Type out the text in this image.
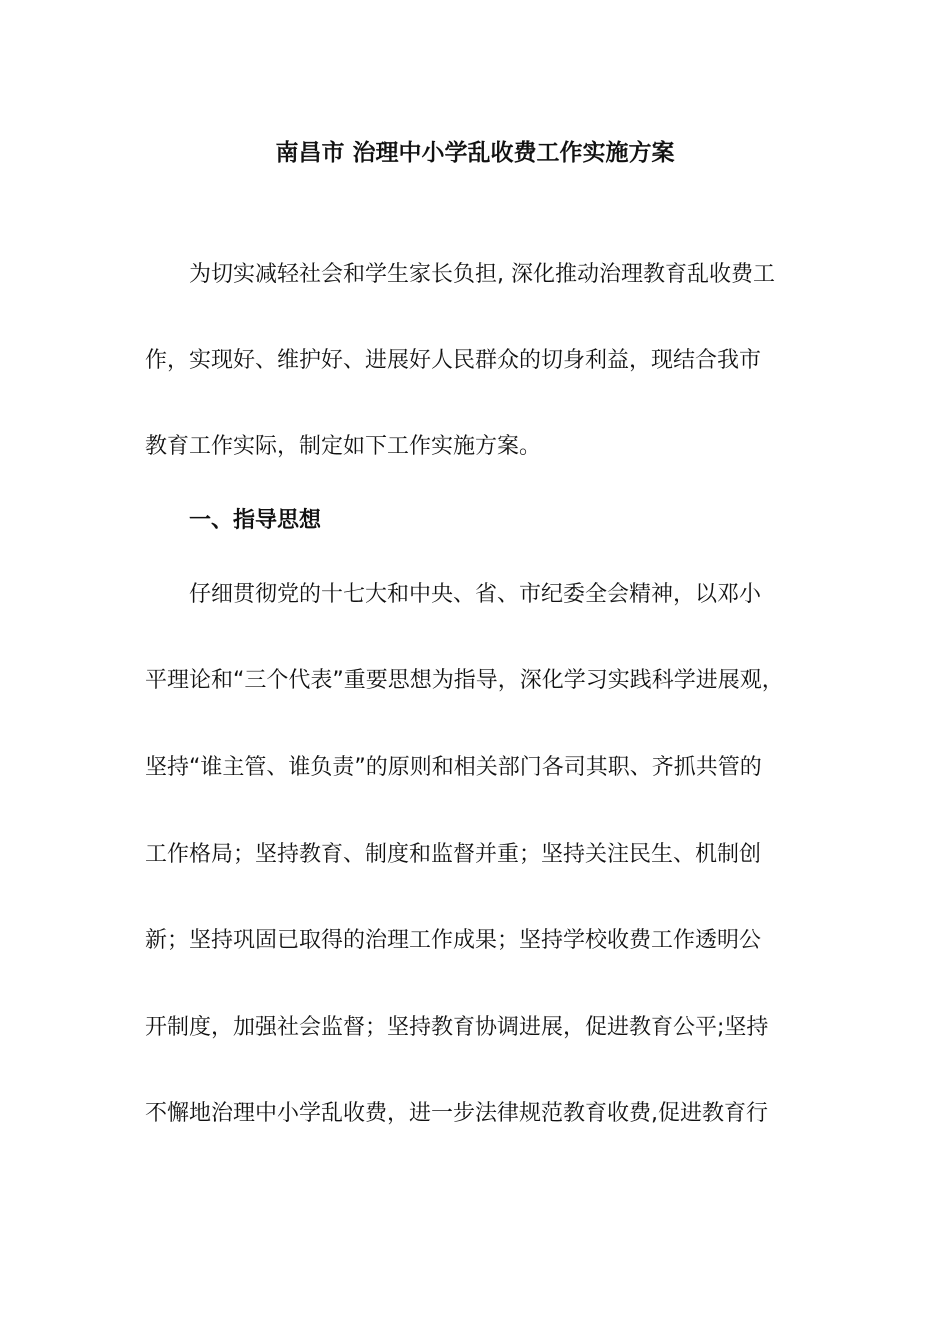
南昌市 治理中小学乱收费工作实施方案
为切实减轻社会和学生家长负担, 深化推动治理教育乱收费工
作，实现好、维护好、进展好人民群众的切身利益，现结合我市
教育工作实际，制定如下工作实施方案。
一、指导思想
仔细贯彻党的十七大和中央、省、市纪委全会精神，以邓小
平理论和“三个代表”重要思想为指导，深化学习实践科学进展观，
坚持“谁主管、谁负责”的原则和相关部门各司其职、齐抓共管的
工作格局；坚持教育、制度和监督并重；坚持关注民生、机制创
新；坚持巩固已取得的治理工作成果；坚持学校收费工作透明公
开制度，加强社会监督；坚持教育协调进展，促进教育公平;坚持
不懈地治理中小学乱收费，进一步法律规范教育收费,促进教育行
